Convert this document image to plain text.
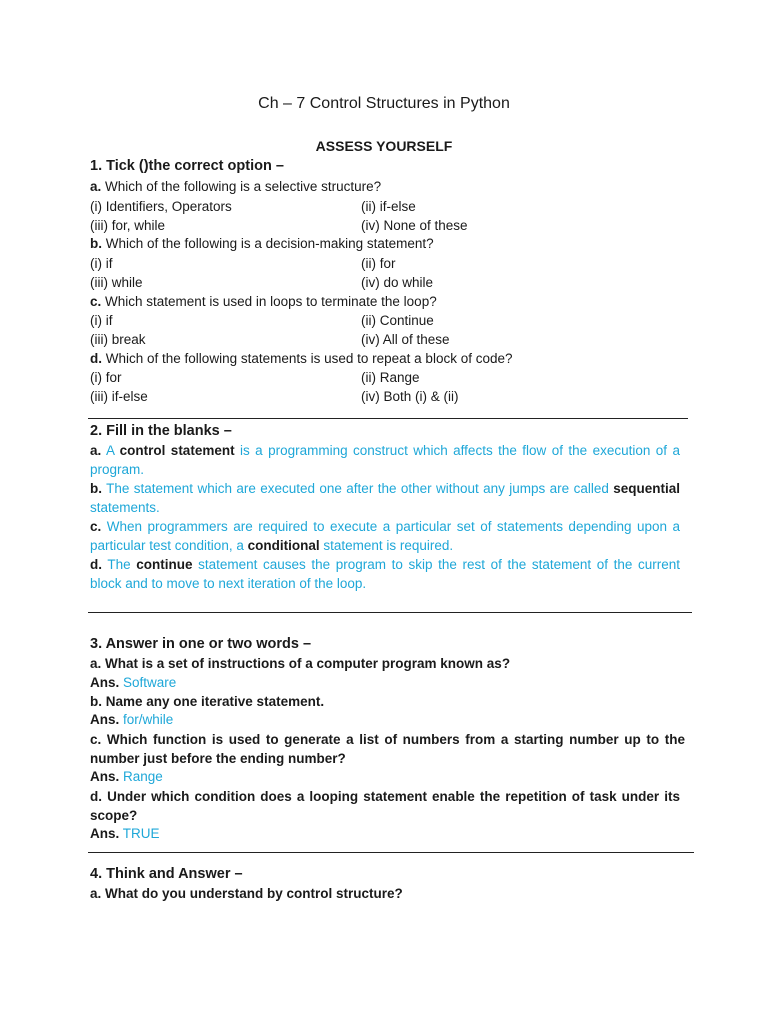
Ch – 7 Control Structures in Python
ASSESS YOURSELF
1. Tick ()the correct option –
a. Which of the following is a selective structure?
(i) Identifiers, Operators	(ii) if-else
(iii) for, while	(iv) None of these
b. Which of the following is a decision-making statement?
(i) if	(ii) for
(iii) while	(iv) do while
c. Which statement is used in loops to terminate the loop?
(i) if	(ii) Continue
(iii) break	(iv) All of these
d. Which of the following statements is used to repeat a block of code?
(i) for	(ii) Range
(iii) if-else	(iv) Both (i) & (ii)
2. Fill in the blanks –
a. A control statement is a programming construct which affects the flow of the execution of a program.
b. The statement which are executed one after the other without any jumps are called sequential statements.
c. When programmers are required to execute a particular set of statements depending upon a particular test condition, a conditional statement is required.
d. The continue statement causes the program to skip the rest of the statement of the current block and to move to next iteration of the loop.
3. Answer in one or two words –
a. What is a set of instructions of a computer program known as?
Ans. Software
b. Name any one iterative statement.
Ans. for/while
c. Which function is used to generate a list of numbers from a starting number up to the number just before the ending number?
Ans. Range
d. Under which condition does a looping statement enable the repetition of task under its scope?
Ans. TRUE
4. Think and Answer –
a. What do you understand by control structure?
